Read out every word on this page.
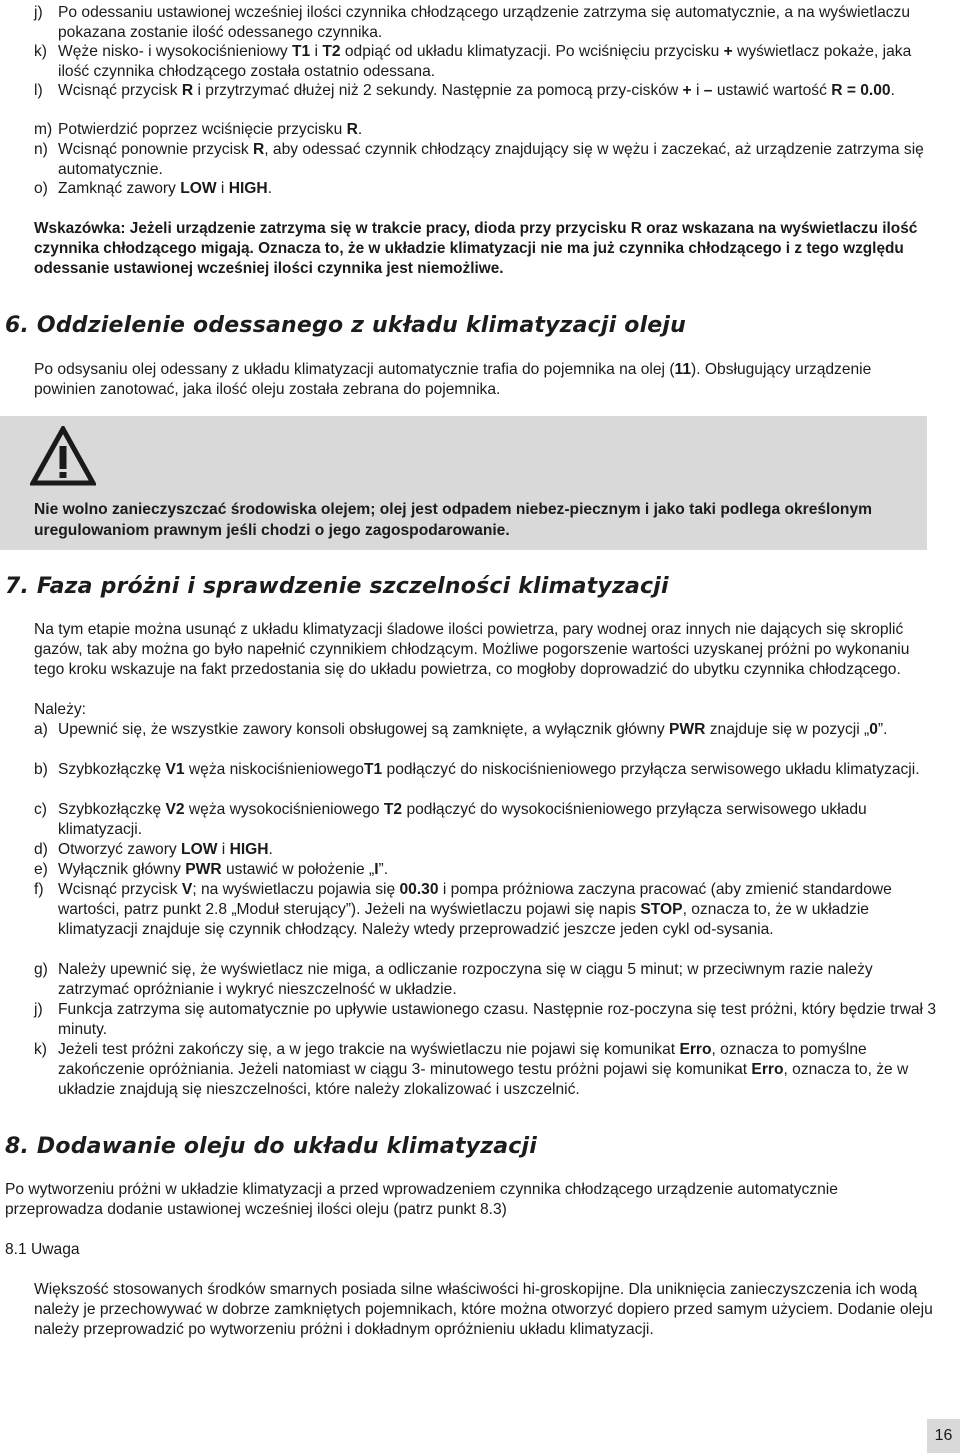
j) Po odessaniu ustawionej wcześniej ilości czynnika chłodzącego urządzenie zatrzyma się automatycznie, a na wyświetlaczu pokazana zostanie ilość odessanego czynnika.
k) Węże nisko- i wysokociśnieniowy T1 i T2 odpiąć od układu klimatyzacji. Po wciśnięciu przycisku + wyświetlacz pokaże, jaka ilość czynnika chłodzącego została ostatnio odessana.
l) Wcisnąć przycisk R i przytrzymać dłużej niż 2 sekundy. Następnie za pomocą przy-cisków + i – ustawić wartość R = 0.00.
m) Potwierdzić poprzez wciśnięcie przycisku R.
n) Wcisnąć ponownie przycisk R, aby odessać czynnik chłodzący znajdujący się w wężu i zaczekać, aż urządzenie zatrzyma się automatycznie.
o) Zamknąć zawory LOW i HIGH.
Wskazówka: Jeżeli urządzenie zatrzyma się w trakcie pracy, dioda przy przycisku R oraz wskazana na wyświetlaczu ilość czynnika chłodzącego migają. Oznacza to, że w układzie klimatyzacji nie ma już czynnika chłodzącego i z tego względu odessanie ustawionej wcześniej ilości czynnika jest niemożliwe.
6. Oddzielenie odessanego z układu klimatyzacji oleju
Po odsysaniu olej odessany z układu klimatyzacji automatycznie trafia do pojemnika na olej (11). Obsługujący urządzenie powinien zanotować, jaka ilość oleju została zebrana do pojemnika.
Nie wolno zanieczyszczać środowiska olejem; olej jest odpadem niebez-piecznym i jako taki podlega określonym uregulowaniom prawnym jeśli chodzi o jego zagospodarowanie.
7. Faza próżni i sprawdzenie szczelności klimatyzacji
Na tym etapie można usunąć z układu klimatyzacji śladowe ilości powietrza, pary wodnej oraz innych nie dających się skroplić gazów, tak aby można go było napełnić czynnikiem chłodzącym. Możliwe pogorszenie wartości uzyskanej próżni po wykonaniu tego kroku wskazuje na fakt przedostania się do układu powietrza, co mogłoby doprowadzić do ubytku czynnika chłodzącego.
Należy:
a) Upewnić się, że wszystkie zawory konsoli obsługowej są zamknięte, a wyłącznik główny PWR znajduje się w pozycji „0”.
b) Szybkozłączkę V1 węża niskociśnieniowegoT1 podłączyć do niskociśnieniowego przyłącza serwisowego układu klimatyzacji.
c) Szybkozłączkę V2 węża wysokociśnieniowego T2 podłączyć do wysokociśnieniowego przyłącza serwisowego układu klimatyzacji.
d) Otworzyć zawory LOW i HIGH.
e) Wyłącznik główny PWR ustawić w położenie „I”.
f) Wcisnąć przycisk V; na wyświetlaczu pojawia się 00.30 i pompa próżniowa zaczyna pracować (aby zmienić standardowe wartości, patrz punkt 2.8 „Moduł sterujący”). Jeżeli na wyświetlaczu pojawi się napis STOP, oznacza to, że w układzie klimatyzacji znajduje się czynnik chłodzący. Należy wtedy przeprowadzić jeszcze jeden cykl od-sysania.
g) Należy upewnić się, że wyświetlacz nie miga, a odliczanie rozpoczyna się w ciągu 5 minut; w przeciwnym razie należy zatrzymać opróżnianie i wykryć nieszczelność w układzie.
j) Funkcja zatrzyma się automatycznie po upływie ustawionego czasu. Następnie roz-poczyna się test próżni, który będzie trwał 3 minuty.
k) Jeżeli test próżni zakończy się, a w jego trakcie na wyświetlaczu nie pojawi się komunikat Erro, oznacza to pomyślne zakończenie opróżniania. Jeżeli natomiast w ciągu 3- minutowego testu próżni pojawi się komunikat Erro, oznacza to, że w układzie znajdują się nieszczelności, które należy zlokalizować i uszczelnić.
8. Dodawanie oleju do układu klimatyzacji
Po wytworzeniu próżni w układzie klimatyzacji a przed wprowadzeniem czynnika chłodzącego urządzenie automatycznie przeprowadza dodanie ustawionej wcześniej ilości oleju (patrz punkt 8.3)
8.1 Uwaga
Większość stosowanych środków smarnych posiada silne właściwości hi-groskopijne. Dla uniknięcia zanieczyszczenia ich wodą należy je przechowywać w dobrze zamkniętych pojemnikach, które można otworzyć dopiero przed samym użyciem. Dodanie oleju należy przeprowadzić po wytworzeniu próżni i dokładnym opróżnieniu układu klimatyzacji.
16
